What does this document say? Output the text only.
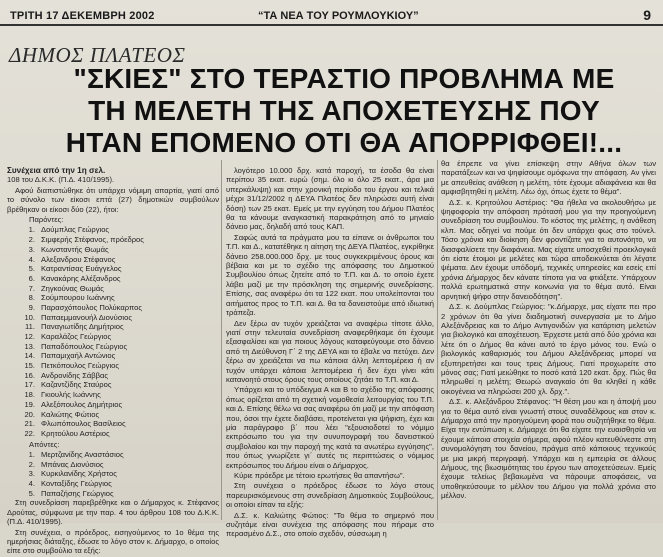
ΤΡΙΤΗ 17 ΔΕΚΕΜΒΡΗ 2002	“ΤΑ ΝΕΑ ΤΟΥ ΡΟΥΜΛΟΥΚΙΟΥ”	9
ΔΗΜΟΣ ΠΛΑΤΕΟΣ
"ΣΚΙΕΣ" ΣΤΟ ΤΕΡΑΣΤΙΟ ΠΡΟΒΛΗΜΑ ΜΕ
ΤΗ ΜΕΛΕΤΗ ΤΗΣ ΑΠΟΧΕΤΕΥΣΗΣ ΠΟΥ
ΗΤΑΝ ΕΠΟΜΕΝΟ ΟΤΙ ΘΑ ΑΠΟΡΡΙΦΘΕΙ!...
Συνέχεια από την 1η σελ.
108 του Δ.Κ.Κ. (Π.Δ. 410/1995).
Αφού διαπιστώθηκε ότι υπάρχει νόμιμη απαρτία, γιατί από το σύνολο των είκοσι επτά (27) δημοτικών συμβούλων βρέθηκαν οι είκοσι δύο (22), ήτοι:
Παρόντες:
1. Δούμπλας Γεώργιος
2. Σιμφερής Στέφανος, πρόεδρος
3. Κωνσταντής Θωμάς
4. Αλεξανδρου Στέφανος
5. Κατραντίσας Ευάγγελος
6. Κανακάρης Αλέξανδρος
7. Ζηγκούνας Θωμάς
8. Σούμπουρου Ιωάννης
9. Παρασχόπουλος Πολύκαρπος
10. Παπαεμμανουήλ Διονύσιος
11. Παναγιωτίδης Δημήτριος
12. Καραλάζος Γεώργιος
13. Παπαδόπουλος Γεώργιος
14. Παπαμιχαήλ Αντώνιος
15. Πετκόπουλος Γεώργιος
16. Ανδρονίδης Σάββας
17. Καζαντζίδης Σταύρος
18. Γκιουλής Ιωάννης
19. Αλεξόπουλος Δημήτριος
20. Καλιώτης Φώτιος
21. Φλωπόπουλος Βασίλειος
22. Κρητούλου Αστέριος
Απόντες:
1. Μερτζανίδης Αναστάσιος
2. Μπάνας Διονύσιος
3. Κυρκιλανίδης Χρήστος
4. Κονταξίδης Γεώργιος
5. Παπαζήσης Γεώργιος
Στη συνεδρίαση παρεβρέθηκε και ο Δήμαρχος κ. Στέφανος Δρούτας, σύμφωνα με την παρ. 4 του άρθρου 108 του Δ.Κ.Κ. (Π.Δ. 410/1995).
Στη συνέχεια, ο πρόεδρος, εισηγούμενος το 1ο θέμα της ημερήσιας διάταξης, έδωσε το λόγο στον κ. Δήμαρχο, ο οποίος είπε στο συμβούλιο τα εξής:
λογότερο 10.000 δρχ. κατά παροχή, τα έσοδα θα είναι περίπου 35 εκατ. ευρώ (σημ. όλο κι όλο 25 εκατ., άρα μια υπερκάλυψη) και στην χρονική περίοδο του έργου και τελικά μέχρι 31/12/2002 η ΔΕΥΑ Πλατέος δεν πληρώσει αυτή είναι δόση) των 25 εκατ. Εμείς με την εγγύηση του Δήμου Πλατέος θα τα κάνουμε αναγκαστική παρακράτηση από το μηνιαίο δάνειο μας, δηλαδή από τους ΚΑΠ.
Σαφώς αυτά τα πράγματα μου τα είπανε οι άνθρωποι του Τ.Π. και Δ., κατατέθηκε η αίτηση της ΔΕΥΑ Πλατέος, εγκρίθηκε δάνειο 258.000.000 δρχ. με τους συγκεκριμένους όρους και βέβαια και με το σχέδιο της απόφασης του Δημοτικού Συμβουλίου όπως ζητείτε από το Τ.Π. και Δ. το οποίο έχετε λάβει μαζί με την πρόσκληση της σημερινής συνεδρίασης. Επίσης, σας αναφέρω ότι τα 122 εκατ. που υπολείπονται του αιτήματος προς το Τ.Π. και Δ. θα τα δανειστούμε από ιδιωτική τράπεζα.
Δεν ξέρω αν τυχόν χρειάζεται να αναφέρω τίποτε άλλο, γιατί στην τελευταία συνεδρίαση αναφερθήκαμε ότι έχουμε εξασφαλίσει και για ποιους λόγους καταφεύγουμε στο δάνειο από τη Διεύθυνση Γ΄ 2 της ΔΕΥΑ και το έβαλε να πετύχει. Δεν ξέρω αν χρειάζεται να πω κάποια άλλη λεπτομέρεια ή αν τυχόν υπάρχει κάποια λεπτομέρεια ή δεν έχει γίνει κάτι κατανοητό στους όρους τους οποίους ζητάει το Τ.Π. και Δ.
Υπάρχει και το υπόδειγμα Α και Β το σχέδιο της απόφασης όπως ορίζεται από τη σχετική νομοθεσία λειτουργίας του Τ.Π. και Δ. Επίσης θέλω να σας αναφέρω ότι μαζί με την απόφαση που, όσοι την έχετε διαβάσει, προτείνεται για ψήφιση, έχει και μία παράγραφο β΄ που λέει "εξουσιοδοτεί το νόμιμο εκπρόσωπο του για την συνυπογραφή του δανειστικού συμβολαίου και την παροχή της κατά τα ανωτέρω εγγύησης", που όπως γνωρίζετε γι΄ αυτές τις περιπτώσεις ο νόμιμος εκπρόσωπος του Δήμου είναι ο Δήμαρχος.
Κύριε πρόεδρε με τέτοιο ερωτήσεις θα απαντήσω".
Στη συνέχεια ο πρόεδρος έδωσε το λόγο στους παρευρισκόμενους στη συνεδρίαση Δημοτικούς Συμβούλους, οι οποίοι είπαν τα εξής:
Δ.Σ. κ. Καλιώτης Φώτιος: "Το θέμα το σημερινό που συζητάμε είναι συνέχεια της απόφασης που πήραμε στο περασμένο Δ.Σ., στο οποίο σχεδόν, σύσσωμη η
θα έπρεπε να γίνει επίσκεψη στην Αθήνα όλων των παρατάξεων και να ψηφίσουμε ομόφωνα την απόφαση. Αν γίνει με απευθείας ανάθεση η μελέτη, τότε έχουμε αδιαφάνεια και θα αμφισβητηθεί η μελέτη. Λέω όχι, όπως έχετε το θέμα".
Δ.Σ. κ. Κρητούλου Αστέριος: "Θα ήθελα να ακολουθήσω με ψηφοφορία την απόφαση πρότασή μου για την προηγούμενη συνεδρίαση του συμβουλίου. Το κόστος της μελέτης, η ανάθεση κλπ. Μας οδηγεί να πούμε ότι δεν υπάρχει φως στο τούνελ. Τόσο χρόνια και διοίκηση δεν φροντίζατε για το αυτονόητο, να διασφαλίσετε την διαφάνεια. Μας είχατε υποσχεθεί προεκλογικά ότι είστε έτοιμοι με μελέτες και τώρα αποδεικνύεται ότι λέγατε ψέματα. Δεν έχουμε υπόδομή, τεχνικές υπηρεσίες και εσείς επί χρόνια Δήμαρχος δεν κάνατε τίποτα για να φτιάξετε. Υπάρχουν πολλά ερωτηματικά στην κοινωνία για το θέμα αυτό. Είναι αρνητική ψήφο στην δανειοδότηση".
Δ.Σ. κ. Δούμπλας Γεώργιος: "κ.Δήμαρχε, μας είχατε πει προ 2 χρόνων ότι θα γίνει διαδημοτική συνεργασία με το Δήμο Αλεξάνδρειας και το Δήμο Αντιγονιδών για κατάρτιση μελετών για βιολογικό και αποχέτευση. Έρχεστε μετά από δύο χρόνια και λέτε ότι ο Δήμος θα κάνει αυτό το έργο μόνος του. Ενώ ο βιολογικός καθαρισμός του Δήμου Αλεξάνδρειας μπορεί να εξυπηρετήσει και τους τρεις Δήμους. Γιατί προχωρείτε στο μόνος σας; Γιατί μειώθηκε το ποσό κατά 120 εκατ. δρχ. Πώς θα πληρωθεί η μελέτη; Θεωρώ αναγκαίο ότι θα κληθεί η κάθε οικογένεια να πληρώσει 200 χλ. δρχ.".
Δ.Σ. κ. Αλεξάνδρου Στέφανος: "Η θέση μου και η άποψή μου για το θέμα αυτό είναι γνωστή στους συναδέλφους και στον κ. Δήμαρχο από την προηγούμενη φορά που συζητήθηκε το θέμα. Είχα την εντύπωση κ. Δήμαρχε ότι θα είχατε την ευαισθησία να έχουμε κάποια στοιχεία σήμερα, αφού πλέον κατευθύνεστε στη συνομολόγηση του δανείου, πράγμα από κάποιους τεχνικούς με μια μικρή περιγραφή. Υπάρχει και η εμπειρία σε άλλους Δήμους, της βιωσιμότητας του έργου των αποχετεύσεων. Εμείς έχουμε τελείως βεβαιωμένα να πάρουμε αποφάσεις, να υποθηκεύσουμε το μέλλον του Δήμου για πολλά χρόνια στο μέλλον.
